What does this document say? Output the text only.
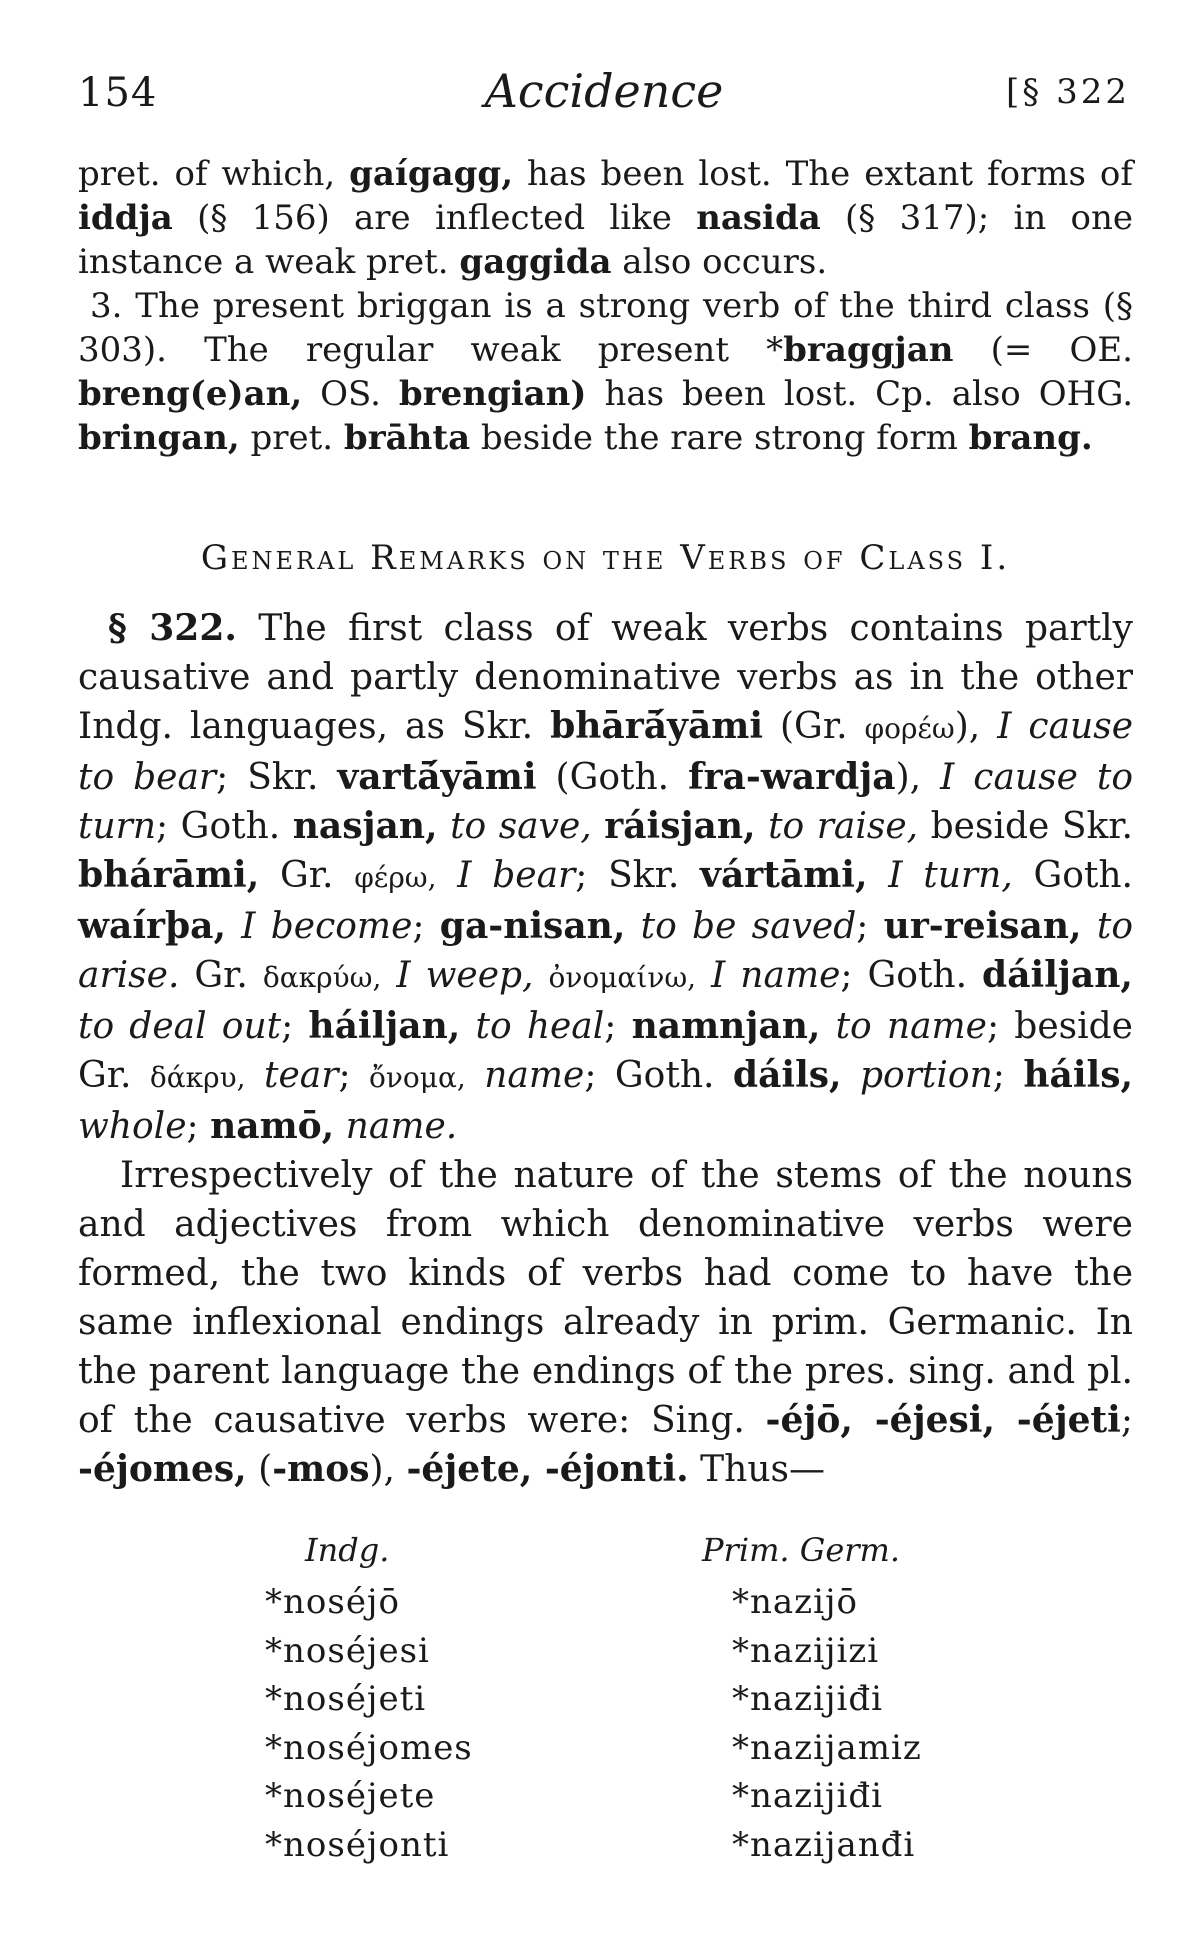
154	Accidence	[§ 322

pret. of which, gaígagg, has been lost. The extant forms of iddja (§ 156) are inflected like nasida (§ 317); in one instance a weak pret. gaggida also occurs.

3. The present briggan is a strong verb of the third class (§ 303). The regular weak present *braggjan (= OE. breng(e)an, OS. brengian) has been lost. Cp. also OHG. bringan, pret. brāhta beside the rare strong form brang.

General Remarks on the Verbs of Class I.

§ 322. The first class of weak verbs contains partly causative and partly denominative verbs as in the other Indg. languages, as Skr. bhārā́yāmi (Gr. φορέω), I cause to bear; Skr. vartā́yāmi (Goth. fra-wardja), I cause to turn; Goth. nasjan, to save, ráisjan, to raise, beside Skr. bhárāmi, Gr. φέρω, I bear; Skr. vártāmi, I turn, Goth. waírþa, I become; ga-nisan, to be saved; ur-reisan, to arise. Gr. δακρύω, I weep, ὀνομαίνω, I name; Goth. dáiljan, to deal out; háiljan, to heal; namnjan, to name; beside Gr. δάκρυ, tear; ὄνομα, name; Goth. dáils, portion; háils, whole; namō, name.

Irrespectively of the nature of the stems of the nouns and adjectives from which denominative verbs were formed, the two kinds of verbs had come to have the same inflexional endings already in prim. Germanic. In the parent language the endings of the pres. sing. and pl. of the causative verbs were: Sing. -éjō, -éjesi, -éjeti; -éjomes, (-mos), -éjete, -éjonti. Thus—

Indg.
*noséjō
*noséjesi
*noséjeti
*noséjomes
*noséjete
*noséjonti
Prim. Germ.
*nazijō
*nazijizi
*nazijiđi
*nazijamiz
*nazijiđi
*nazijanđi
